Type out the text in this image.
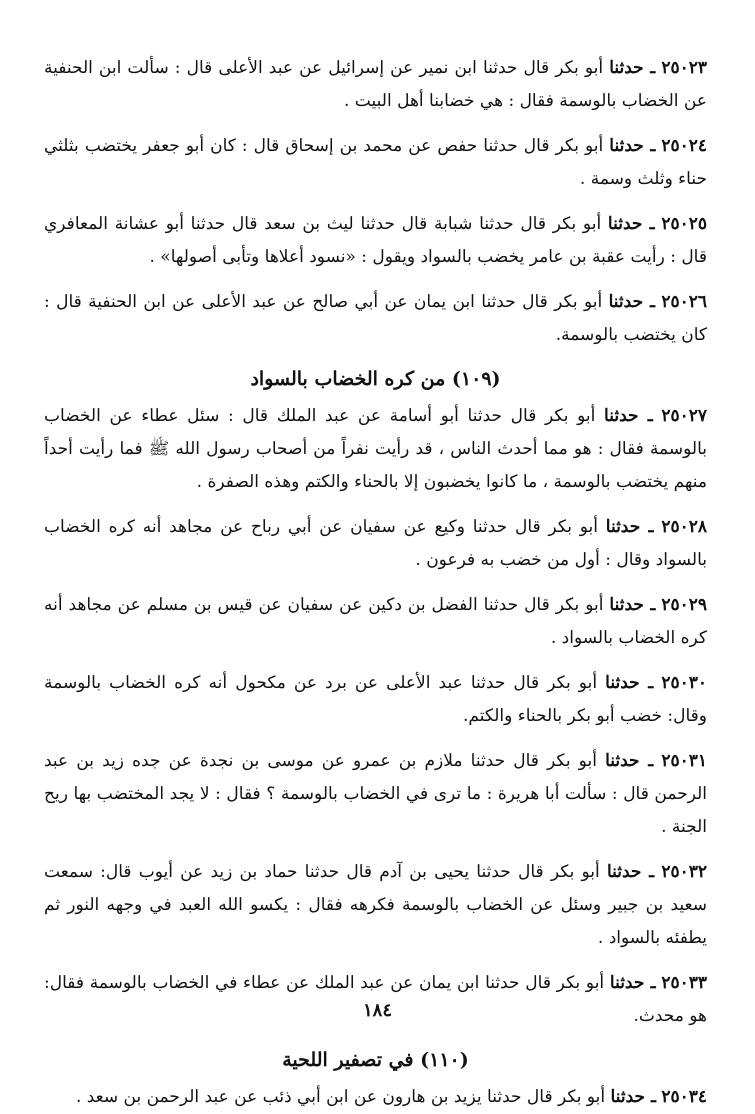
٢٥٠٢٣ ـ حدثنا أبو بكر قال حدثنا ابن نمير عن إسرائيل عن عبد الأعلى قال : سألت ابن الحنفية عن الخضاب بالوسمة فقال : هي خضابنا أهل البيت .

٢٥٠٢٤ ـ حدثنا أبو بكر قال حدثنا حفص عن محمد بن إسحاق قال : كان أبو جعفر يختضب بثلثي حناء وثلث وسمة .

٢٥٠٢٥ ـ حدثنا أبو بكر قال حدثنا شبابة قال حدثنا ليث بن سعد قال حدثنا أبو عشانة المعافري قال : رأيت عقبة بن عامر يخضب بالسواد ويقول : «نسود أعلاها وتأبى أصولها» .

٢٥٠٢٦ ـ حدثنا أبو بكر قال حدثنا ابن يمان عن أبي صالح عن عبد الأعلى عن ابن الحنفية قال : كان يختضب بالوسمة.

(١٠٩) من كره الخضاب بالسواد

٢٥٠٢٧ ـ حدثنا أبو بكر قال حدثنا أبو أسامة عن عبد الملك قال : سئل عطاء عن الخضاب بالوسمة فقال : هو مما أحدث الناس ، قد رأيت نفراً من أصحاب رسول الله ﷺ فما رأيت أحداً منهم يختضب بالوسمة ، ما كانوا يخضبون إلا بالحناء والكتم وهذه الصفرة .

٢٥٠٢٨ ـ حدثنا أبو بكر قال حدثنا وكيع عن سفيان عن أبي رباح عن مجاهد أنه كره الخضاب بالسواد وقال : أول من خضب به فرعون .

٢٥٠٢٩ ـ حدثنا أبو بكر قال حدثنا الفضل بن دكين عن سفيان عن قيس بن مسلم عن مجاهد أنه كره الخضاب بالسواد .

٢٥٠٣٠ ـ حدثنا أبو بكر قال حدثنا عبد الأعلى عن برد عن مكحول أنه كره الخضاب بالوسمة وقال: خضب أبو بكر بالحناء والكتم.

٢٥٠٣١ ـ حدثنا أبو بكر قال حدثنا ملازم بن عمرو عن موسى بن نجدة عن جده زيد بن عبد الرحمن قال : سألت أبا هريرة : ما ترى في الخضاب بالوسمة ؟ فقال : لا يجد المختضب بها ريح الجنة .

٢٥٠٣٢ ـ حدثنا أبو بكر قال حدثنا يحيى بن آدم قال حدثنا حماد بن زيد عن أيوب قال: سمعت سعيد بن جبير وسئل عن الخضاب بالوسمة فكرهه فقال : يكسو الله العبد في وجهه النور ثم يطفئه بالسواد .

٢٥٠٣٣ ـ حدثنا أبو بكر قال حدثنا ابن يمان عن عبد الملك عن عطاء في الخضاب بالوسمة فقال: هو محدث.

(١١٠) في تصفير اللحية

٢٥٠٣٤ ـ حدثنا أبو بكر قال حدثنا يزيد بن هارون عن ابن أبي ذئب عن عبد الرحمن بن سعد .

١٨٤
